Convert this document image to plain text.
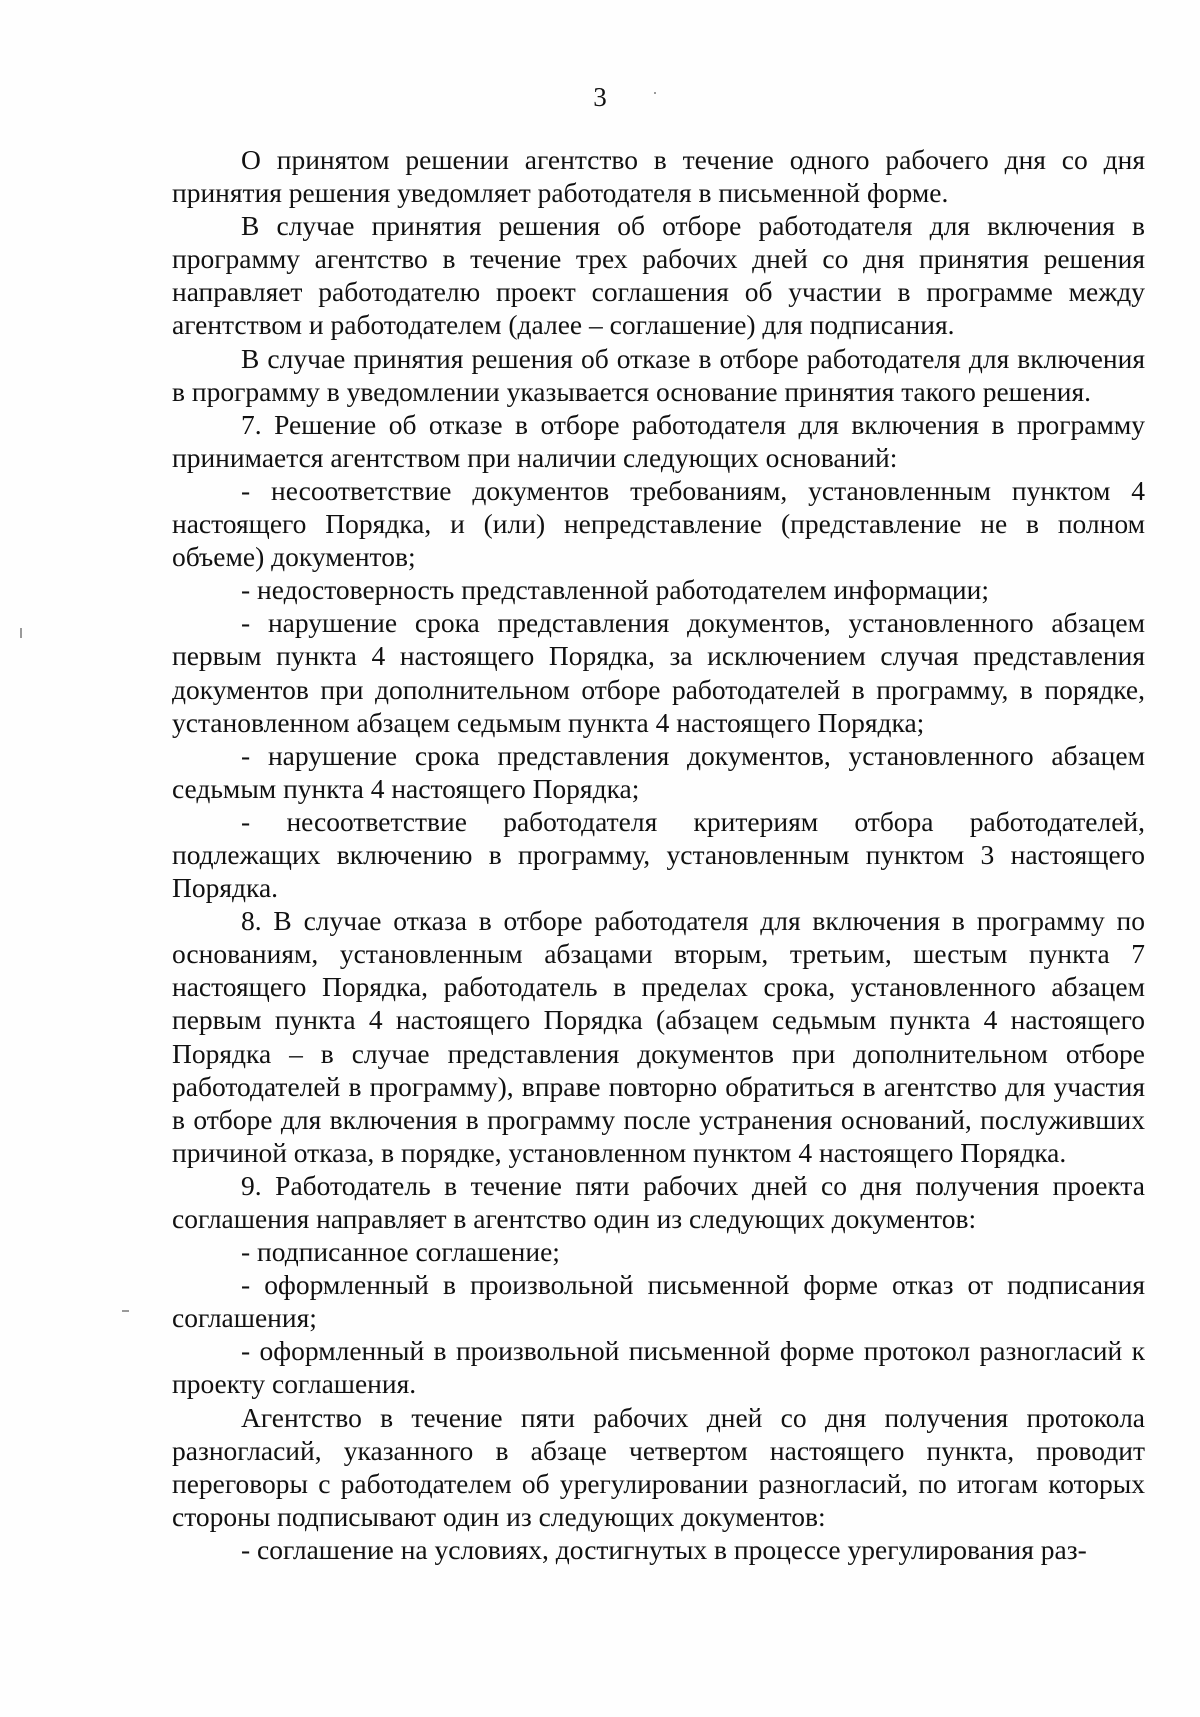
3

О принятом решении агентство в течение одного рабочего дня со дня принятия решения уведомляет работодателя в письменной форме.

В случае принятия решения об отборе работодателя для включения в программу агентство в течение трех рабочих дней со дня принятия решения направляет работодателю проект соглашения об участии в программе между агентством и работодателем (далее – соглашение) для подписания.

В случае принятия решения об отказе в отборе работодателя для включения в программу в уведомлении указывается основание принятия такого решения.

7. Решение об отказе в отборе работодателя для включения в программу принимается агентством при наличии следующих оснований:

- несоответствие документов требованиям, установленным пунктом 4 настоящего Порядка, и (или) непредставление (представление не в полном объеме) документов;

- недостоверность представленной работодателем информации;

- нарушение срока представления документов, установленного абзацем первым пункта 4 настоящего Порядка, за исключением случая представления документов при дополнительном отборе работодателей в программу, в порядке, установленном абзацем седьмым пункта 4 настоящего Порядка;

- нарушение срока представления документов, установленного абзацем седьмым пункта 4 настоящего Порядка;

- несоответствие работодателя критериям отбора работодателей, подлежащих включению в программу, установленным пунктом 3 настоящего Порядка.

8. В случае отказа в отборе работодателя для включения в программу по основаниям, установленным абзацами вторым, третьим, шестым пункта 7 настоящего Порядка, работодатель в пределах срока, установленного абзацем первым пункта 4 настоящего Порядка (абзацем седьмым пункта 4 настоящего Порядка – в случае представления документов при дополнительном отборе работодателей в программу), вправе повторно обратиться в агентство для участия в отборе для включения в программу после устранения оснований, послуживших причиной отказа, в порядке, установленном пунктом 4 настоящего Порядка.

9. Работодатель в течение пяти рабочих дней со дня получения проекта соглашения направляет в агентство один из следующих документов:

- подписанное соглашение;

- оформленный в произвольной письменной форме отказ от подписания соглашения;

- оформленный в произвольной письменной форме протокол разногласий к проекту соглашения.

Агентство в течение пяти рабочих дней со дня получения протокола разногласий, указанного в абзаце четвертом настоящего пункта, проводит переговоры с работодателем об урегулировании разногласий, по итогам которых стороны подписывают один из следующих документов:

- соглашение на условиях, достигнутых в процессе урегулирования раз-
